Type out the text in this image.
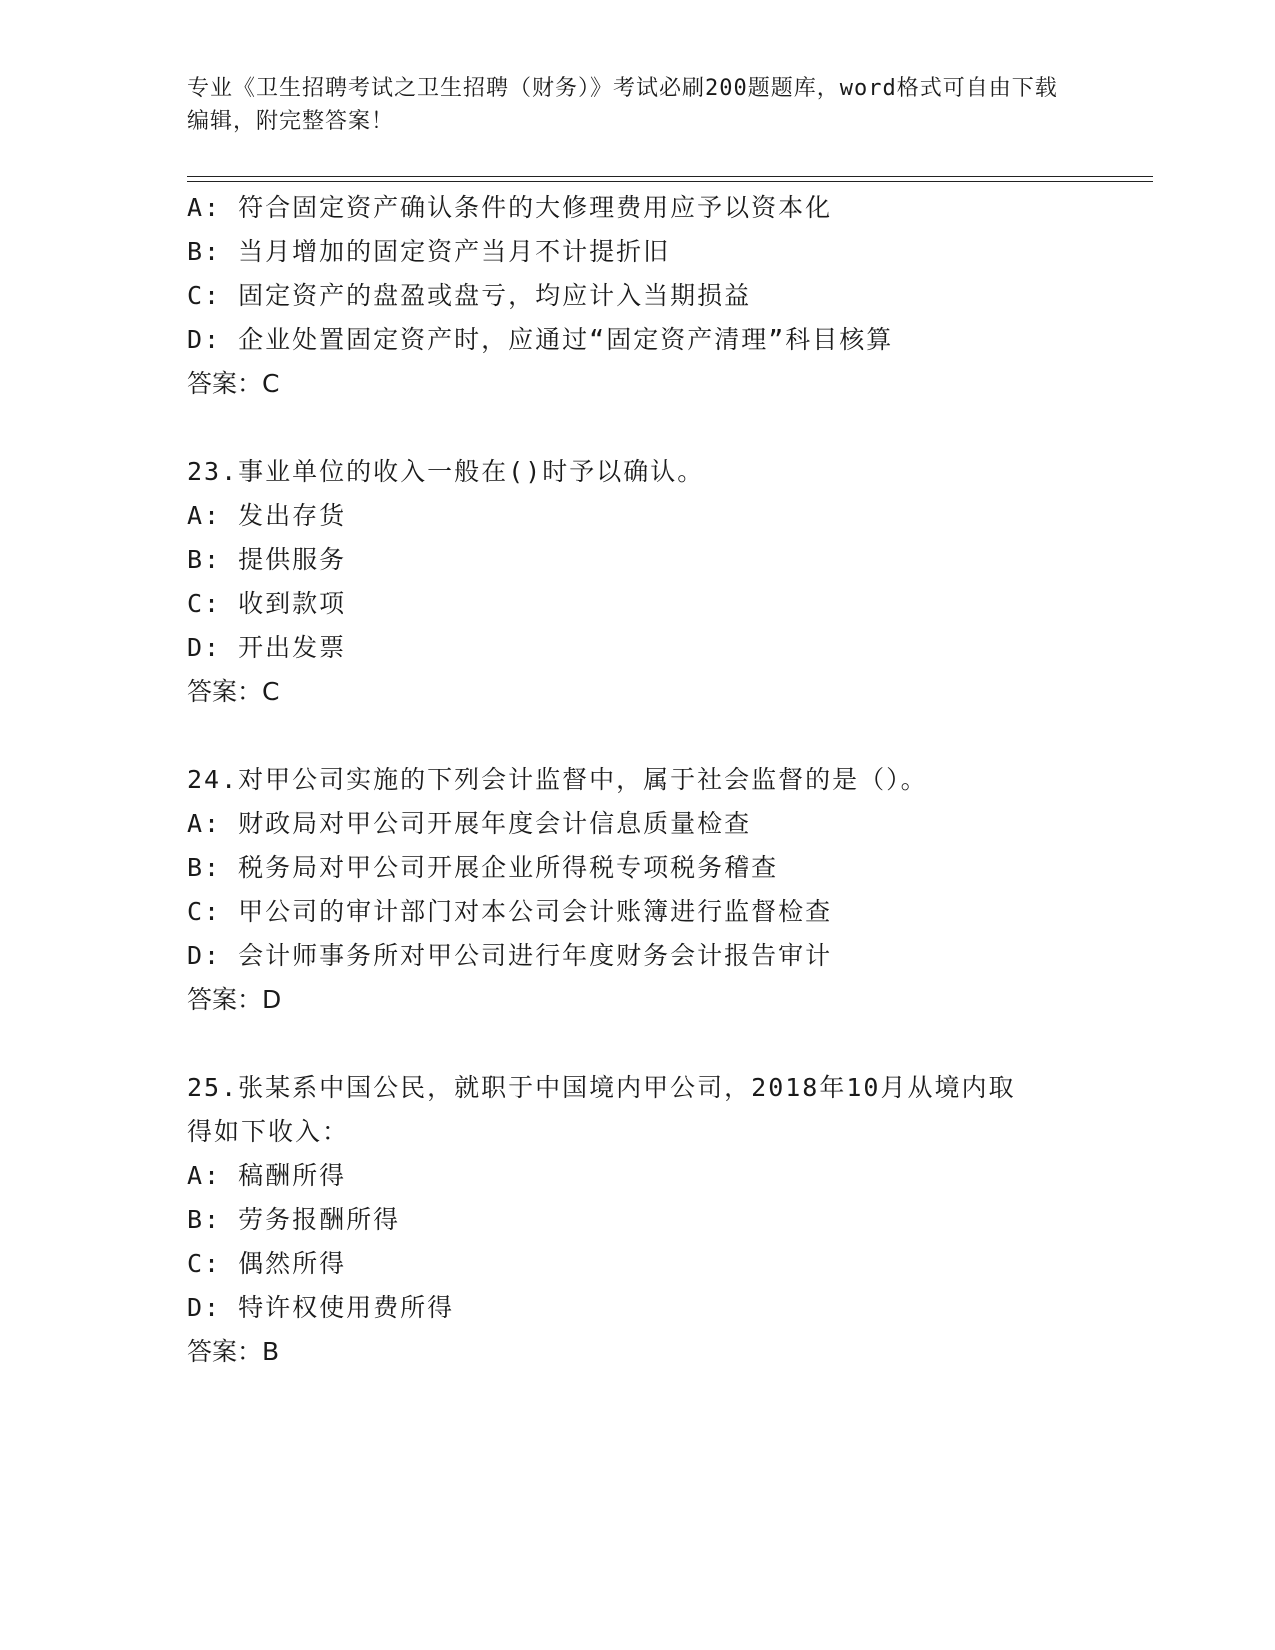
专业《卫生招聘考试之卫生招聘（财务）》考试必刷200题题库，word格式可自由下载编辑，附完整答案！
A: 符合固定资产确认条件的大修理费用应予以资本化
B: 当月增加的固定资产当月不计提折旧
C: 固定资产的盘盈或盘亏，均应计入当期损益
D: 企业处置固定资产时，应通过“固定资产清理”科目核算
答案：C
23.事业单位的收入一般在()时予以确认。
A: 发出存货
B: 提供服务
C: 收到款项
D: 开出发票
答案：C
24.对甲公司实施的下列会计监督中，属于社会监督的是（）。
A: 财政局对甲公司开展年度会计信息质量检查
B: 税务局对甲公司开展企业所得税专项税务稽查
C: 甲公司的审计部门对本公司会计账簿进行监督检查
D: 会计师事务所对甲公司进行年度财务会计报告审计
答案：D
25.张某系中国公民，就职于中国境内甲公司，2018年10月从境内取
得如下收入：
A: 稿酬所得
B: 劳务报酬所得
C: 偶然所得
D: 特许权使用费所得
答案：B
